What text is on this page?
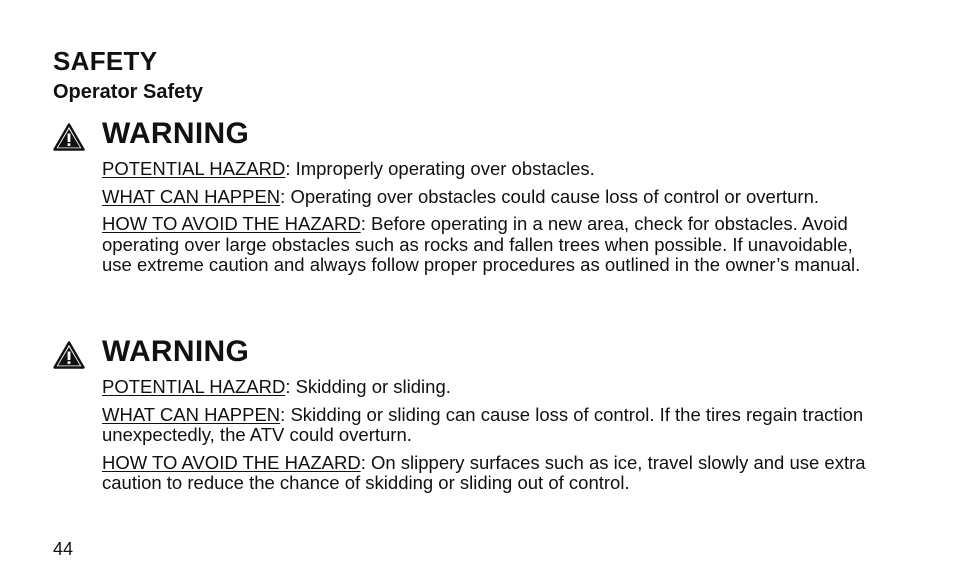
SAFETY
Operator Safety
WARNING

POTENTIAL HAZARD: Improperly operating over obstacles.

WHAT CAN HAPPEN: Operating over obstacles could cause loss of control or overturn.

HOW TO AVOID THE HAZARD: Before operating in a new area, check for obstacles. Avoid operating over large obstacles such as rocks and fallen trees when possible. If unavoidable, use extreme caution and always follow proper procedures as outlined in the owner’s manual.

WARNING

POTENTIAL HAZARD: Skidding or sliding.

WHAT CAN HAPPEN: Skidding or sliding can cause loss of control. If the tires regain traction unexpectedly, the ATV could overturn.

HOW TO AVOID THE HAZARD: On slippery surfaces such as ice, travel slowly and use extra caution to reduce the chance of skidding or sliding out of control.

44
